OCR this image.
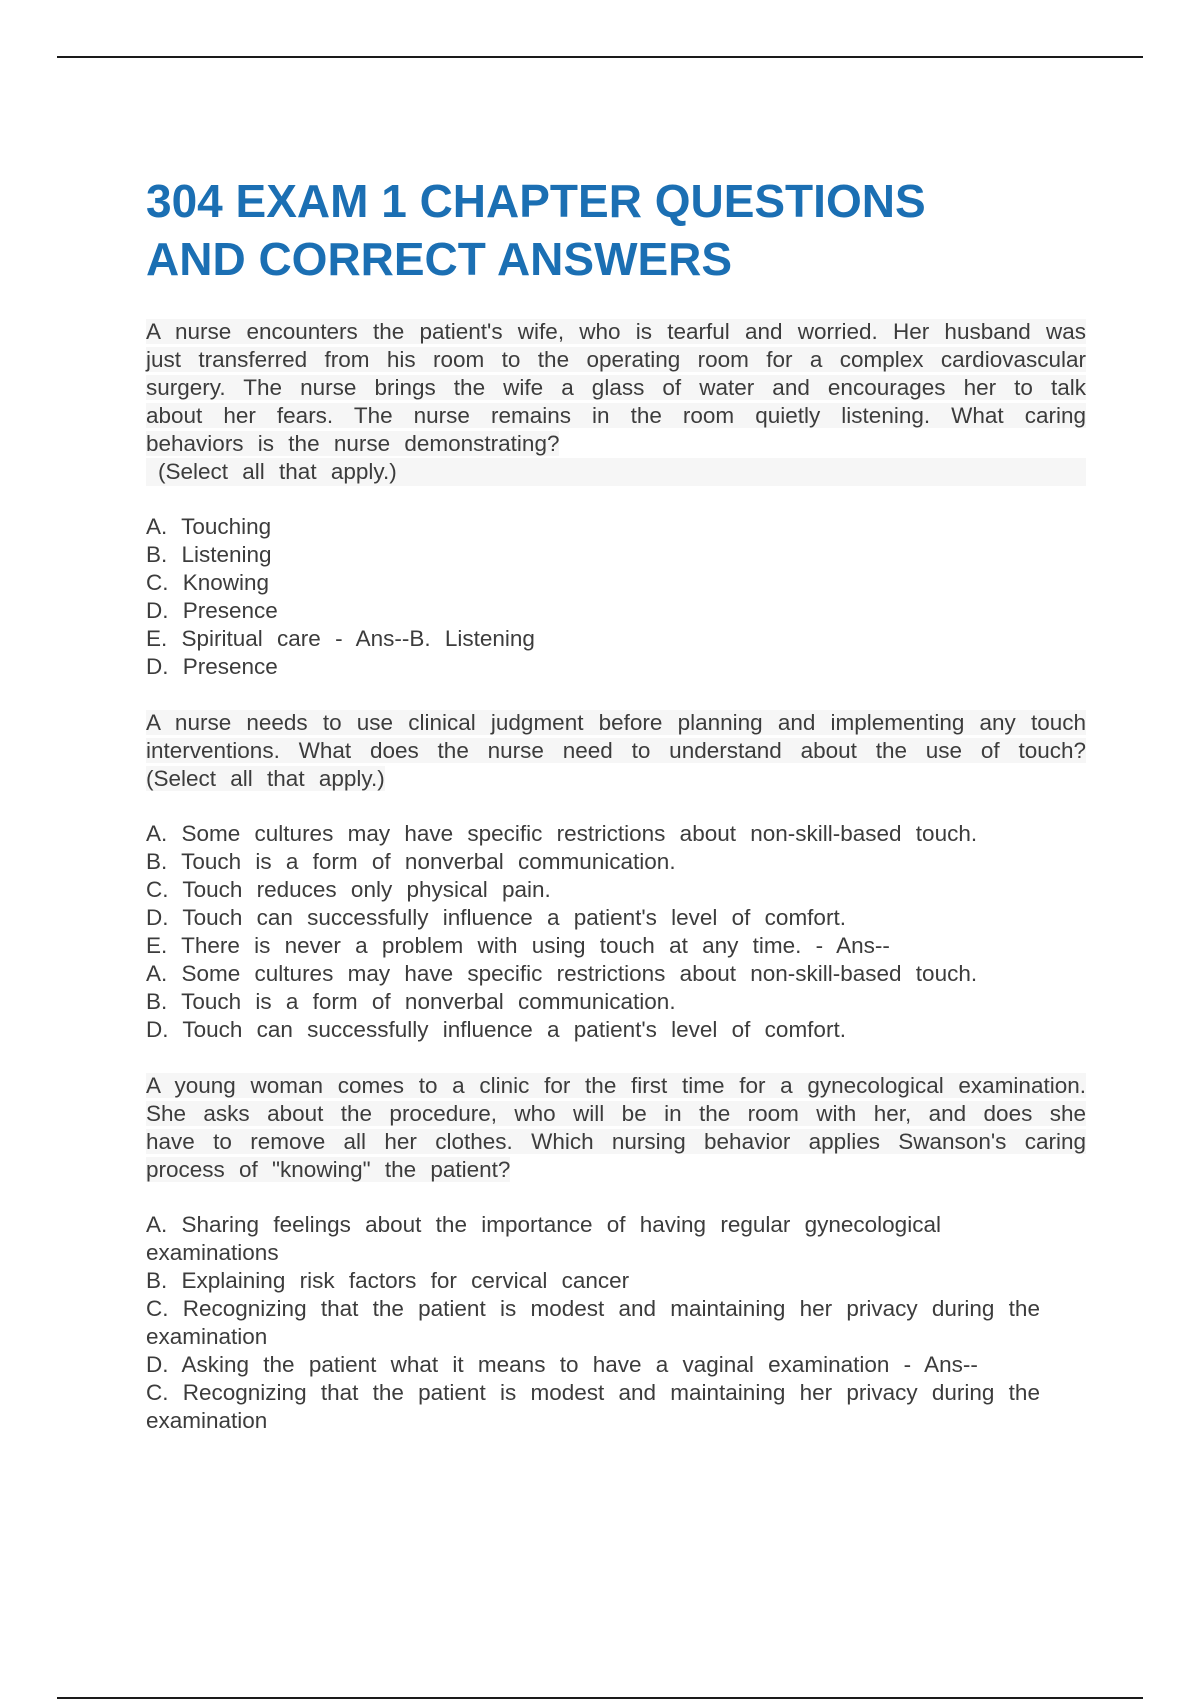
304 EXAM 1 CHAPTER QUESTIONS
AND CORRECT ANSWERS

A nurse encounters the patient's wife, who is tearful and worried. Her husband was just transferred from his room to the operating room for a complex cardiovascular surgery. The nurse brings the wife a glass of water and encourages her to talk about her fears. The nurse remains in the room quietly listening. What caring behaviors is the nurse demonstrating?
(Select all that apply.)

A. Touching
B. Listening
C. Knowing
D. Presence
E. Spiritual care - Ans--B. Listening
D. Presence

A nurse needs to use clinical judgment before planning and implementing any touch interventions. What does the nurse need to understand about the use of touch? (Select all that apply.)

A. Some cultures may have specific restrictions about non-skill-based touch.
B. Touch is a form of nonverbal communication.
C. Touch reduces only physical pain.
D. Touch can successfully influence a patient's level of comfort.
E. There is never a problem with using touch at any time. - Ans--
A. Some cultures may have specific restrictions about non-skill-based touch.
B. Touch is a form of nonverbal communication.
D. Touch can successfully influence a patient's level of comfort.

A young woman comes to a clinic for the first time for a gynecological examination. She asks about the procedure, who will be in the room with her, and does she have to remove all her clothes. Which nursing behavior applies Swanson's caring process of "knowing" the patient?

A. Sharing feelings about the importance of having regular gynecological examinations
B. Explaining risk factors for cervical cancer
C. Recognizing that the patient is modest and maintaining her privacy during the examination
D. Asking the patient what it means to have a vaginal examination - Ans--
C. Recognizing that the patient is modest and maintaining her privacy during the examination
